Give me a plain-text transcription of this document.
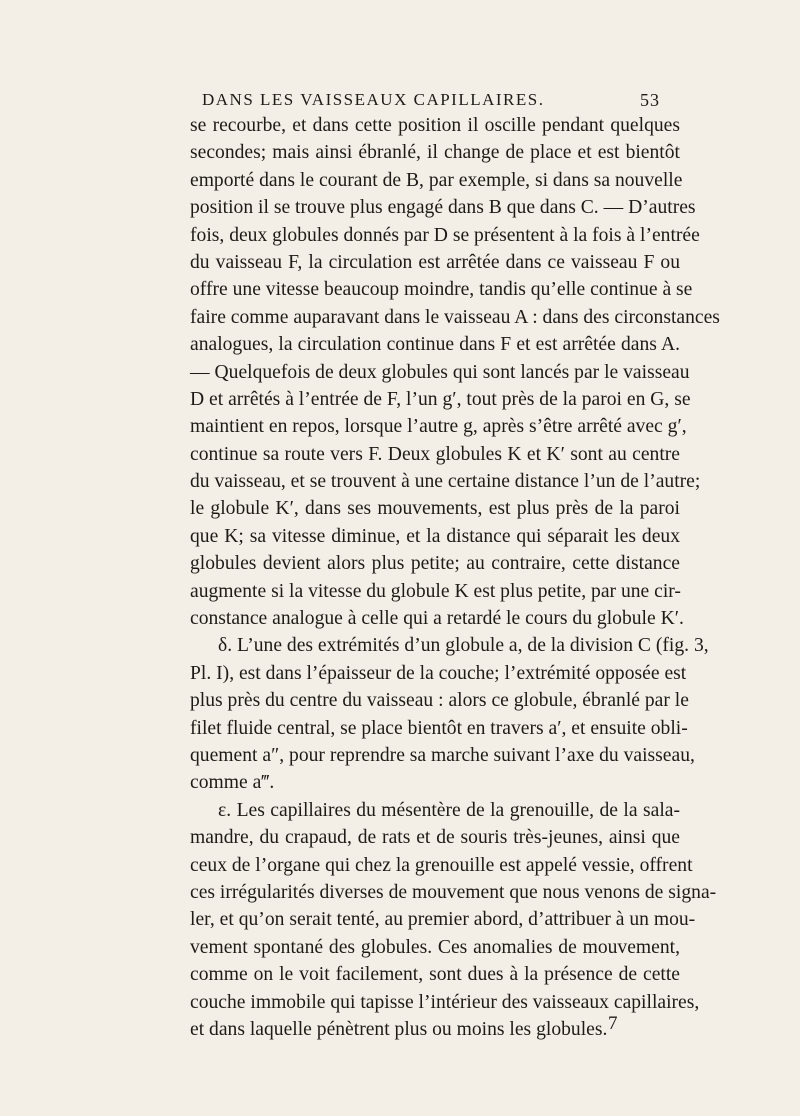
DANS LES VAISSEAUX CAPILLAIRES.	53
se recourbe, et dans cette position il oscille pendant quelques
secondes; mais ainsi ébranlé, il change de place et est bientôt
emporté dans le courant de B, par exemple, si dans sa nouvelle
position il se trouve plus engagé dans B que dans C. — D’autres
fois, deux globules donnés par D se présentent à la fois à l’entrée
du vaisseau F, la circulation est arrêtée dans ce vaisseau F ou
offre une vitesse beaucoup moindre, tandis qu’elle continue à se
faire comme auparavant dans le vaisseau A : dans des circonstances
analogues, la circulation continue dans F et est arrêtée dans A.
— Quelquefois de deux globules qui sont lancés par le vaisseau
D et arrêtés à l’entrée de F, l’un g′, tout près de la paroi en G, se
maintient en repos, lorsque l’autre g, après s’être arrêté avec g′,
continue sa route vers F. Deux globules K et K′ sont au centre
du vaisseau, et se trouvent à une certaine distance l’un de l’autre;
le globule K′, dans ses mouvements, est plus près de la paroi
que K; sa vitesse diminue, et la distance qui séparait les deux
globules devient alors plus petite; au contraire, cette distance
augmente si la vitesse du globule K est plus petite, par une cir-
constance analogue à celle qui a retardé le cours du globule K′.
δ. L’une des extrémités d’un globule a, de la division C (fig. 3,
Pl. I), est dans l’épaisseur de la couche; l’extrémité opposée est
plus près du centre du vaisseau : alors ce globule, ébranlé par le
filet fluide central, se place bientôt en travers a′, et ensuite obli-
quement a″, pour reprendre sa marche suivant l’axe du vaisseau,
comme a‴.
ε. Les capillaires du mésentère de la grenouille, de la sala-
mandre, du crapaud, de rats et de souris très-jeunes, ainsi que
ceux de l’organe qui chez la grenouille est appelé vessie, offrent
ces irrégularités diverses de mouvement que nous venons de signa-
ler, et qu’on serait tenté, au premier abord, d’attribuer à un mou-
vement spontané des globules. Ces anomalies de mouvement,
comme on le voit facilement, sont dues à la présence de cette
couche immobile qui tapisse l’intérieur des vaisseaux capillaires,
et dans laquelle pénètrent plus ou moins les globules. 7
